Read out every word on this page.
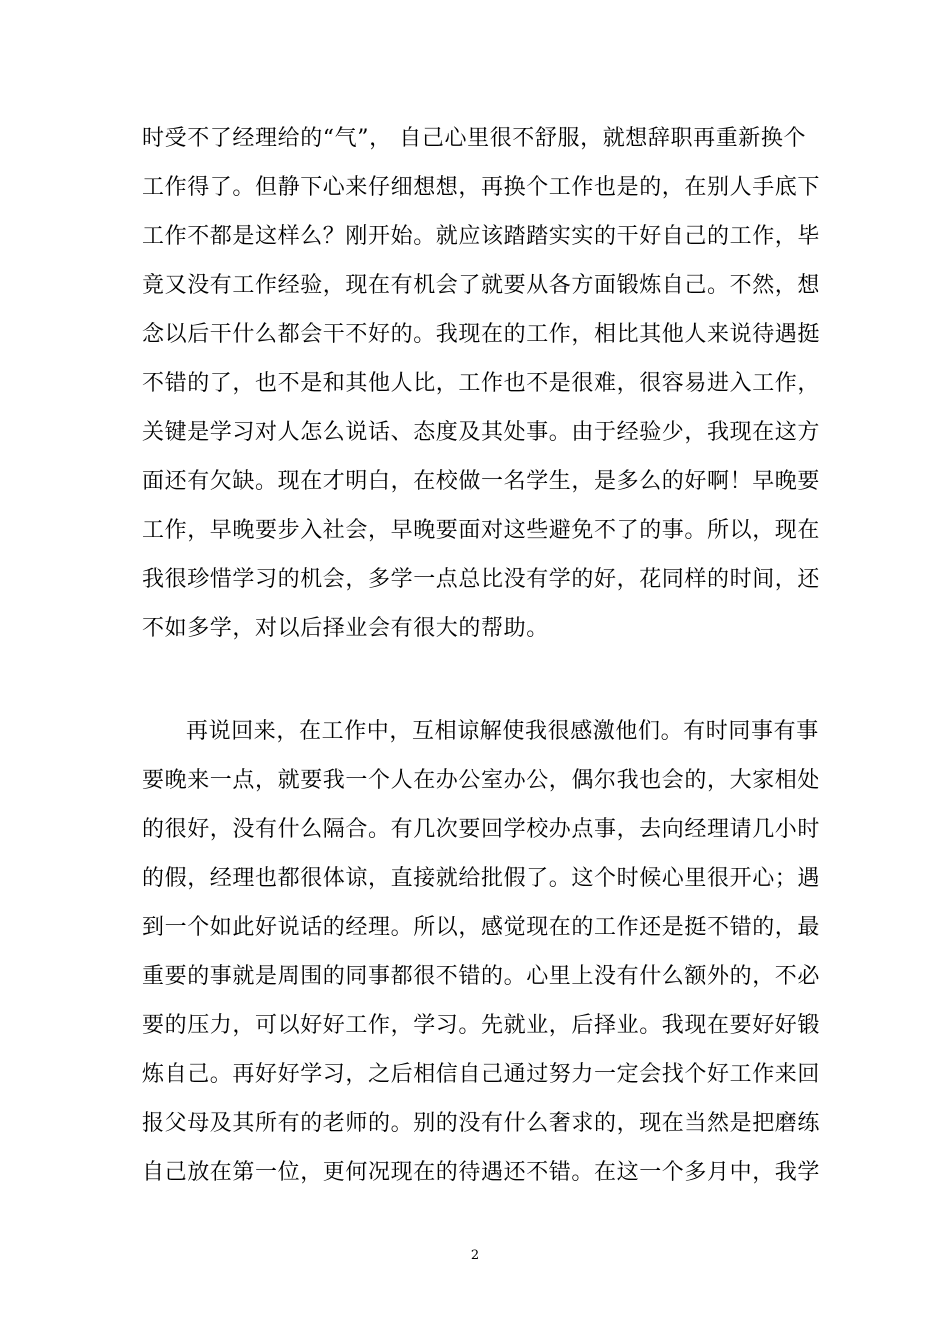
时受不了经理给的“气”， 自己心里很不舒服，就想辞职再重新换个
工作得了。但静下心来仔细想想，再换个工作也是的，在别人手底下
工作不都是这样么？刚开始。就应该踏踏实实的干好自己的工作，毕
竟又没有工作经验，现在有机会了就要从各方面锻炼自己。不然，想
念以后干什么都会干不好的。我现在的工作，相比其他人来说待遇挺
不错的了，也不是和其他人比，工作也不是很难，很容易进入工作，
关键是学习对人怎么说话、态度及其处事。由于经验少，我现在这方
面还有欠缺。现在才明白，在校做一名学生，是多么的好啊！早晚要
工作，早晚要步入社会，早晚要面对这些避免不了的事。所以，现在
我很珍惜学习的机会，多学一点总比没有学的好，花同样的时间，还
不如多学，对以后择业会有很大的帮助。
再说回来，在工作中，互相谅解使我很感激他们。有时同事有事
要晚来一点，就要我一个人在办公室办公，偶尔我也会的，大家相处
的很好，没有什么隔合。有几次要回学校办点事，去向经理请几小时
的假，经理也都很体谅，直接就给批假了。这个时候心里很开心；遇
到一个如此好说话的经理。所以，感觉现在的工作还是挺不错的，最
重要的事就是周围的同事都很不错的。心里上没有什么额外的，不必
要的压力，可以好好工作，学习。先就业，后择业。我现在要好好锻
炼自己。再好好学习，之后相信自己通过努力一定会找个好工作来回
报父母及其所有的老师的。别的没有什么奢求的，现在当然是把磨练
自己放在第一位，更何况现在的待遇还不错。在这一个多月中，我学
2
